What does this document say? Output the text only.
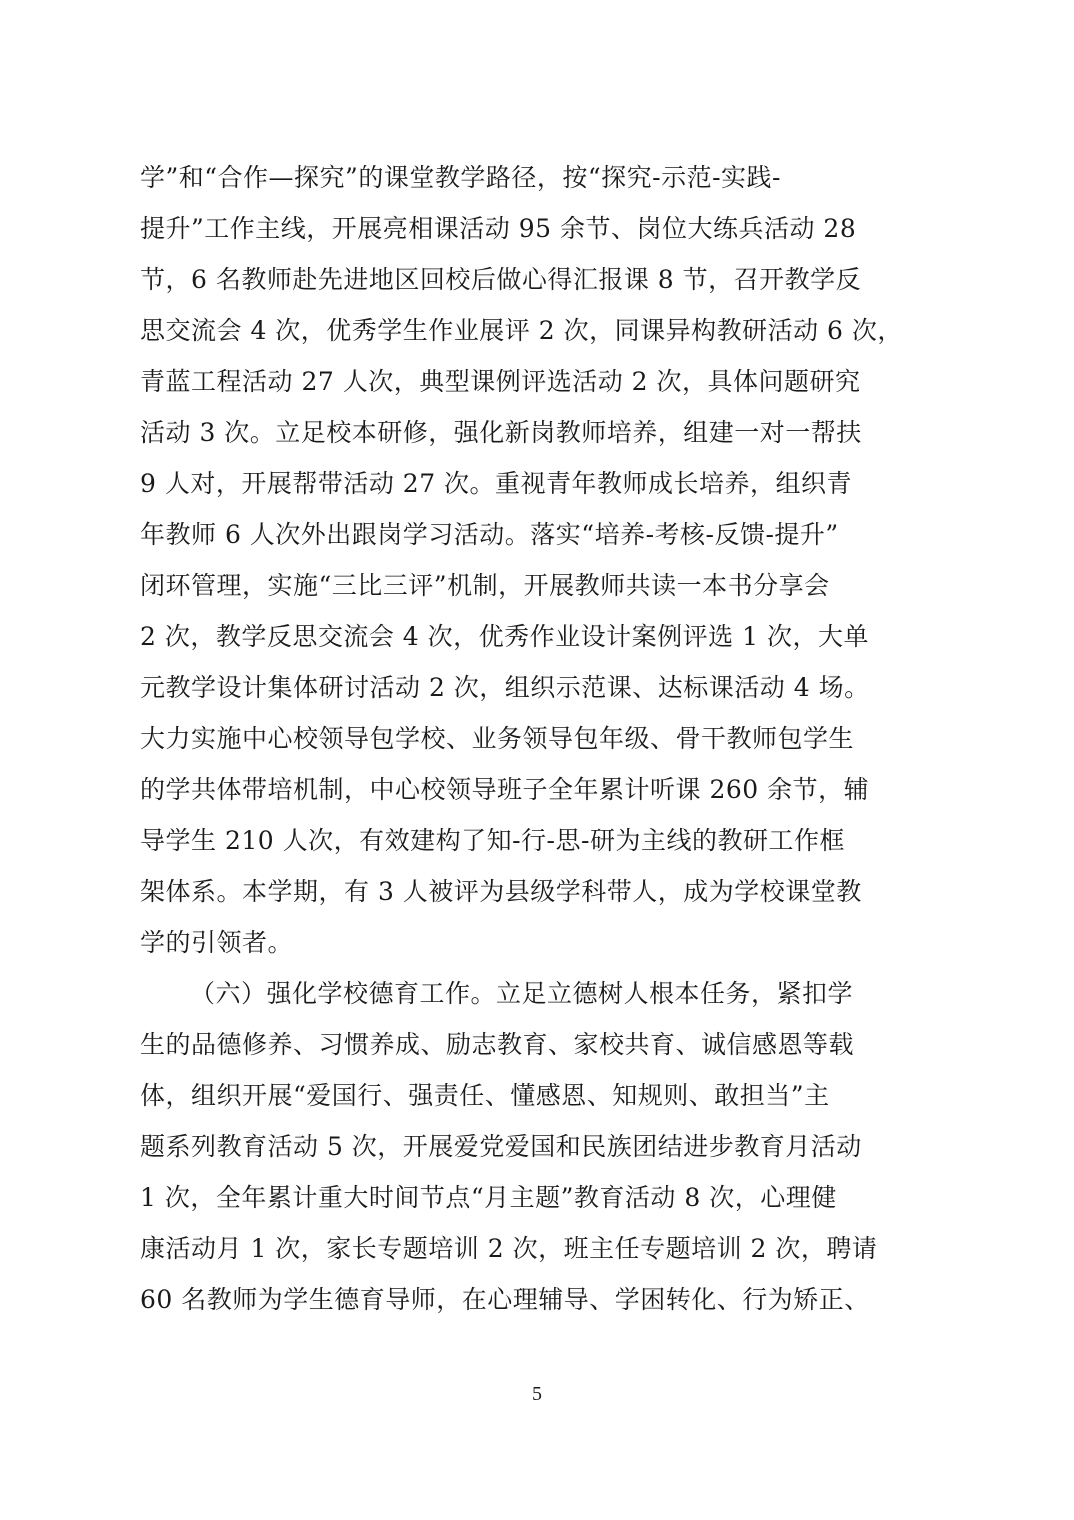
学”和“合作—探究”的课堂教学路径，按“探究-示范-实践-
提升”工作主线，开展亮相课活动 95 余节、岗位大练兵活动 28
节，6 名教师赴先进地区回校后做心得汇报课 8 节，召开教学反
思交流会 4 次，优秀学生作业展评 2 次，同课异构教研活动 6 次，
青蓝工程活动 27 人次，典型课例评选活动 2 次，具体问题研究
活动 3 次。立足校本研修，强化新岗教师培养，组建一对一帮扶
9 人对，开展帮带活动 27 次。重视青年教师成长培养，组织青
年教师 6 人次外出跟岗学习活动。落实“培养-考核-反馈-提升”
闭环管理，实施“三比三评”机制，开展教师共读一本书分享会
2 次，教学反思交流会 4 次，优秀作业设计案例评选 1 次，大单
元教学设计集体研讨活动 2 次，组织示范课、达标课活动 4 场。
大力实施中心校领导包学校、业务领导包年级、骨干教师包学生
的学共体带培机制，中心校领导班子全年累计听课 260 余节，辅
导学生 210 人次，有效建构了知-行-思-研为主线的教研工作框
架体系。本学期，有 3 人被评为县级学科带人，成为学校课堂教
学的引领者。
（六）强化学校德育工作。立足立德树人根本任务，紧扣学
生的品德修养、习惯养成、励志教育、家校共育、诚信感恩等载
体，组织开展“爱国行、强责任、懂感恩、知规则、敢担当”主
题系列教育活动 5 次，开展爱党爱国和民族团结进步教育月活动
1 次，全年累计重大时间节点“月主题”教育活动 8 次，心理健
康活动月 1 次，家长专题培训 2 次，班主任专题培训 2 次，聘请
60 名教师为学生德育导师，在心理辅导、学困转化、行为矫正、
5
